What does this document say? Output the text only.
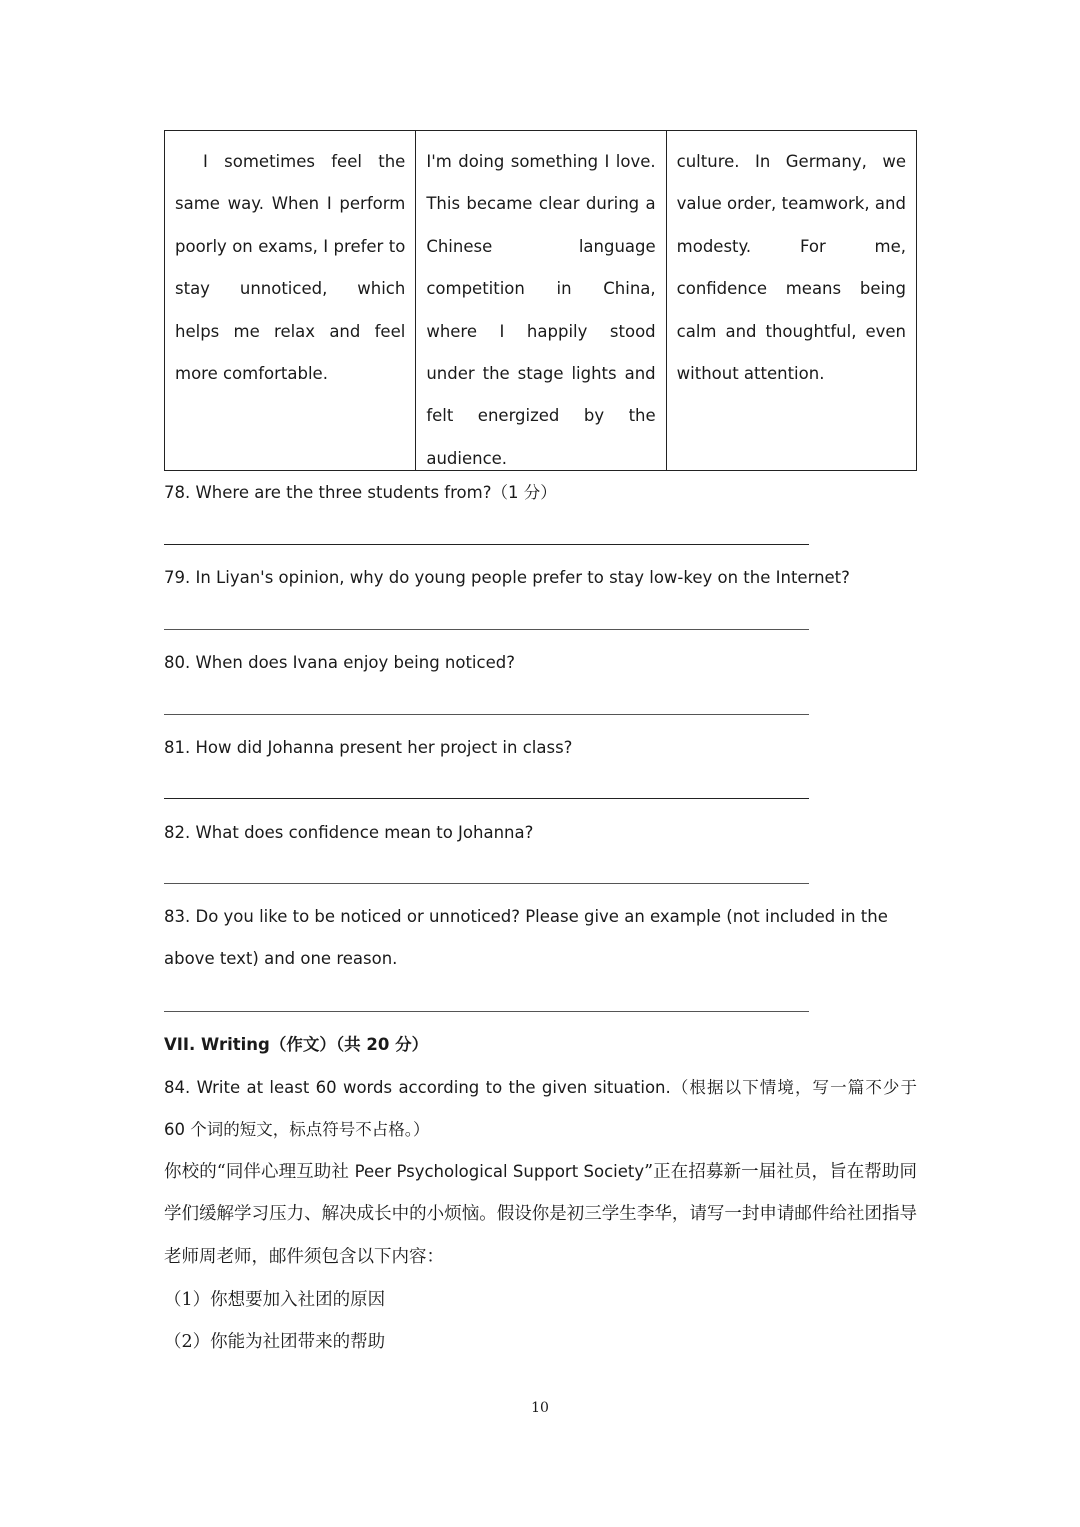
I sometimes feel the same way. When I perform poorly on exams, I prefer to stay unnoticed, which helps me relax and feel more comfortable.
I'm doing something I love. This became clear during a Chinese language competition in China, where I happily stood under the stage lights and felt energized by the audience.
culture. In Germany, we value order, teamwork, and modesty. For me, confidence means being calm and thoughtful, even without attention.
78. Where are the three students from?（1 分）
79. In Liyan's opinion, why do young people prefer to stay low-key on the Internet?
80. When does Ivana enjoy being noticed?
81. How did Johanna present her project in class?
82. What does confidence mean to Johanna?
83. Do you like to be noticed or unnoticed? Please give an example (not included in the above text) and one reason.
VII. Writing（作文）（共 20 分）
84. Write at least 60 words according to the given situation.（根据以下情境，写一篇不少于 60 个词的短文，标点符号不占格。）
你校的“同伴心理互助社 Peer Psychological Support Society”正在招募新一届社员，旨在帮助同学们缓解学习压力、解决成长中的小烦恼。假设你是初三学生李华，请写一封申请邮件给社团指导老师周老师，邮件须包含以下内容：
（1）你想要加入社团的原因
（2）你能为社团带来的帮助
10
